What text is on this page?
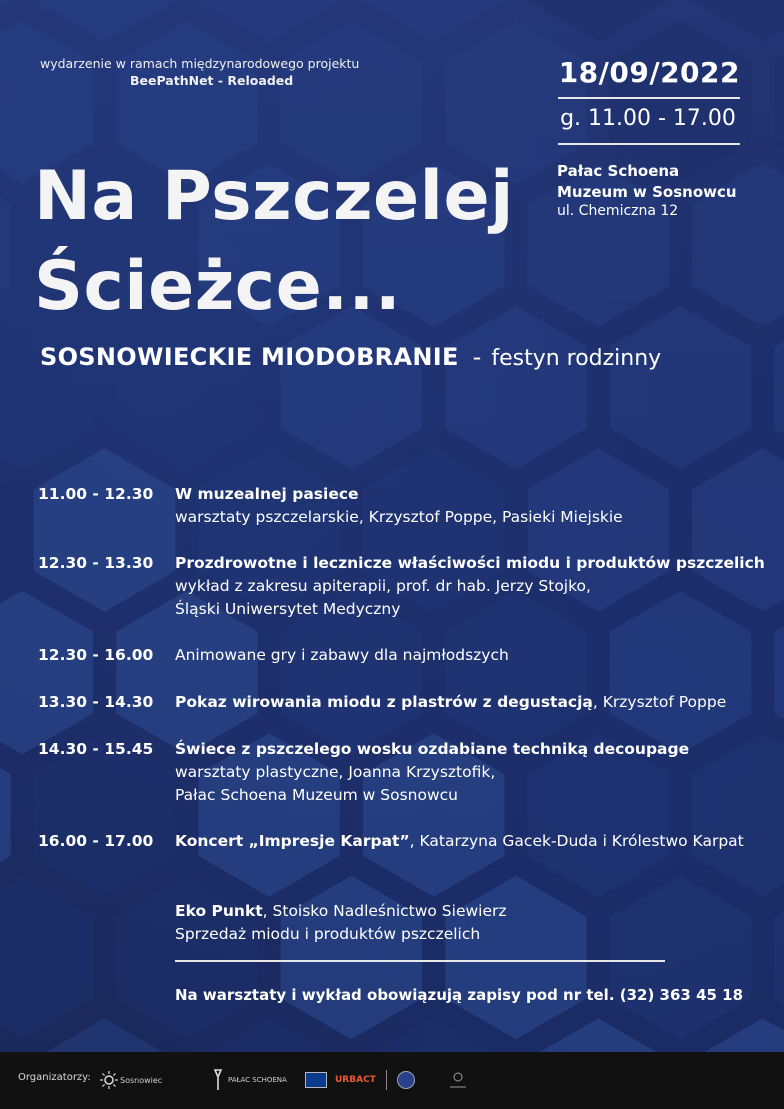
wydarzenie w ramach międzynarodowego projektu
BeePathNet - Reloaded	18/09/2022
g. 11.00 - 17.00
Pałac Schoena
Muzeum w Sosnowcu
ul. Chemiczna 12
Na Pszczelej
Ścieżce...
SOSNOWIECKIE MIODOBRANIE - festyn rodzinny
11.00 - 12.30	W muzealnej pasiece
warsztaty pszczelarskie, Krzysztof Poppe, Pasieki Miejskie
12.30 - 13.30	Prozdrowotne i lecznicze właściwości miodu i produktów pszczelich
wykład z zakresu apiterapii, prof. dr hab. Jerzy Stojko,
Śląski Uniwersytet Medyczny
12.30 - 16.00	Animowane gry i zabawy dla najmłodszych
13.30 - 14.30	Pokaz wirowania miodu z plastrów z degustacją, Krzysztof Poppe
14.30 - 15.45	Świece z pszczelego wosku ozdabiane techniką decoupage
warsztaty plastyczne, Joanna Krzysztofik,
Pałac Schoena Muzeum w Sosnowcu
16.00 - 17.00	Koncert „Impresje Karpat”, Katarzyna Gacek-Duda i Królestwo Karpat
Eko Punkt, Stoisko Nadleśnictwo Siewierz
Sprzedaż miodu i produktów pszczelich
Na warsztaty i wykład obowiązują zapisy pod nr tel. (32) 363 45 18
Organizatorzy:	Sosnowiec	PAŁAC SCHOENA	URBACT
